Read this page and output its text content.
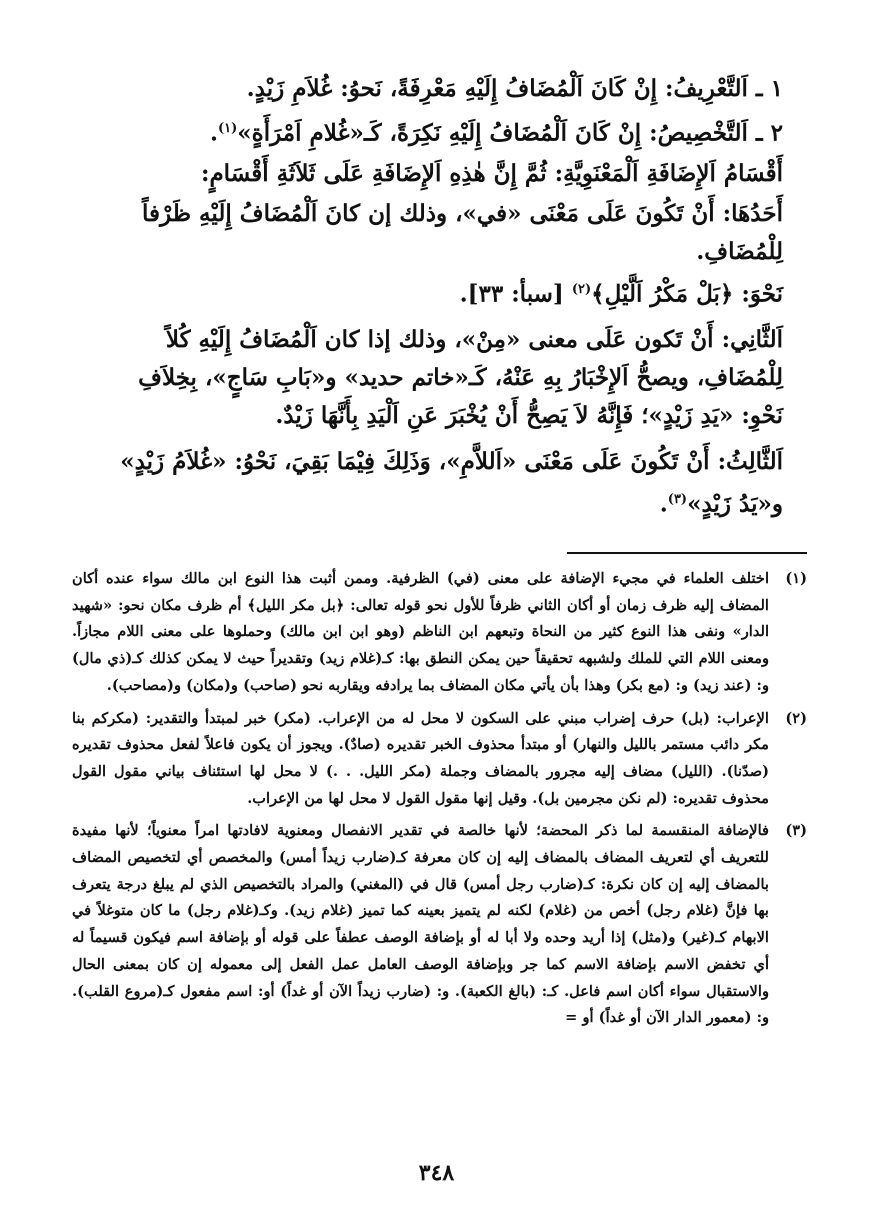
١ ـ اَلتَّعْرِيفُ: إِنْ كَانَ اَلْمُضَافُ إِلَيْهِ مَعْرِفَةً، نَحوُ: غُلاَمِ زَيْدٍ.

٢ ـ اَلتَّخْصِيصُ: إِنْ كَانَ اَلْمُضَافُ إِلَيْهِ نَكِرَةً، كَـ«غُلامِ اَمْرَأَةٍ»$^{(١)}$.

أَقْسَامُ اَلإِضَافَةِ اَلْمَعْنَوِيَّةِ: ثُمَّ إِنَّ هٰذِهِ اَلإِضَافَةِ عَلَى ثَلاَثَةِ أَقْسَامٍ:

أَحَدُهَا: أَنْ تَكُونَ عَلَى مَعْنَى «في»، وذلك إن كانَ اَلْمُضَافُ إِلَيْهِ ظَرْفاً لِلْمُضَافِ.
نَحْوَ: ﴿بَلْ مَكْرُ اَلَّيْلِ﴾$^{(٢)}$ [سبأ: ٣٣].

اَلثَّانِي: أَنْ تَكون عَلَى معنى «مِنْ»، وذلك إذا كان اَلْمُضَافُ إِلَيْهِ كُلاً لِلْمُضَافِ، ويصحُّ اَلإِخْبَارُ بِهِ عَنْهُ، كَـ«خاتم حديد» و«بَابِ سَاجٍ»، بِخِلاَفِ نَحْوِ: «يَدِ زَيْدٍ»؛ فَإِنَّهُ لاَ يَصِحُّ أَنْ يُخْبَرَ عَنِ اَلْيَدِ بِأَنَّهَا زَيْدٌ.

اَلثَّالِثُ: أَنْ تَكُونَ عَلَى مَعْنَى «اَللاَّمِ»، وَذَلِكَ فِيْمَا بَقِيَ، نَحْوُ: «غُلاَمُ زَيْدٍ» و«يَدُ زَيْدٍ»$^{(٣)}$.

(١)
اختلف العلماء في مجيء الإضافة على معنى (في) الظرفية. وممن أثبت هذا النوع ابن مالك سواء عنده أكان المضاف إليه ظرف زمان أو أكان الثاني ظرفاً للأول نحو قوله تعالى: ﴿بل مكر الليل﴾ أم ظرف مكان نحو: «شهيد الدار» ونفى هذا النوع كثير من النحاة وتبعهم ابن الناظم (وهو ابن ابن مالك) وحملوها على معنى اللام مجازاً. ومعنى اللام التي للملك ولشبهه تحقيقاً حين يمكن النطق بها: كـ(غلام زيد) وتقديراً حيث لا يمكن كذلك كـ(ذي مال) و: (عند زيد) و: (مع بكر) وهذا بأن يأتي مكان المضاف بما يرادفه ويقاربه نحو (صاحب) و(مكان) و(مصاحب).
(٢)
الإعراب: (بل) حرف إضراب مبني على السكون لا محل له من الإعراب. (مكر) خبر لمبتدأ والتقدير: (مكركم بنا مكر دائب مستمر بالليل والنهار) أو مبتدأ محذوف الخبر تقديره (صادٌ). ويجوز أن يكون فاعلاً لفعل محذوف تقديره (صدّنا). (الليل) مضاف إليه مجرور بالمضاف وجملة (مكر الليل. . .) لا محل لها استئناف بياني مقول القول محذوف تقديره: (لم نكن مجرمين بل). وقيل إنها مقول القول لا محل لها من الإعراب.
(٣)
فالإضافة المنقسمة لما ذكر المحضة؛ لأنها خالصة في تقدير الانفصال ومعنوية لافادتها امراً معنوياً؛ لأنها مفيدة للتعريف أي لتعريف المضاف بالمضاف إليه إن كان معرفة كـ(ضارب زيداً أمس) والمخصص أي لتخصيص المضاف بالمضاف إليه إن كان نكرة: كـ(ضارب رجل أمس) قال في (المغني) والمراد بالتخصيص الذي لم يبلغ درجة يتعرف بها فإنَّ (غلام رجل) أخص من (غلام) لكنه لم يتميز بعينه كما تميز (غلام زيد). وكـ(غلام رجل) ما كان متوغلاً في الابهام كـ(غير) و(مثل) إذا أريد وحده ولا أبا له أو بإضافة الوصف عطفاً على قوله أو بإضافة اسم فيكون قسيماً له أي تخفض الاسم بإضافة الاسم كما جر وبإضافة الوصف العامل عمل الفعل إلى معموله إن كان بمعنى الحال والاستقبال سواء أكان اسم فاعل. كـ: (بالغ الكعبة). و: (ضارب زيداً الآن أو غداً) أو: اسم مفعول كـ(مروع القلب). و: (معمور الدار الآن أو غداً) أو =
٣٤٨
